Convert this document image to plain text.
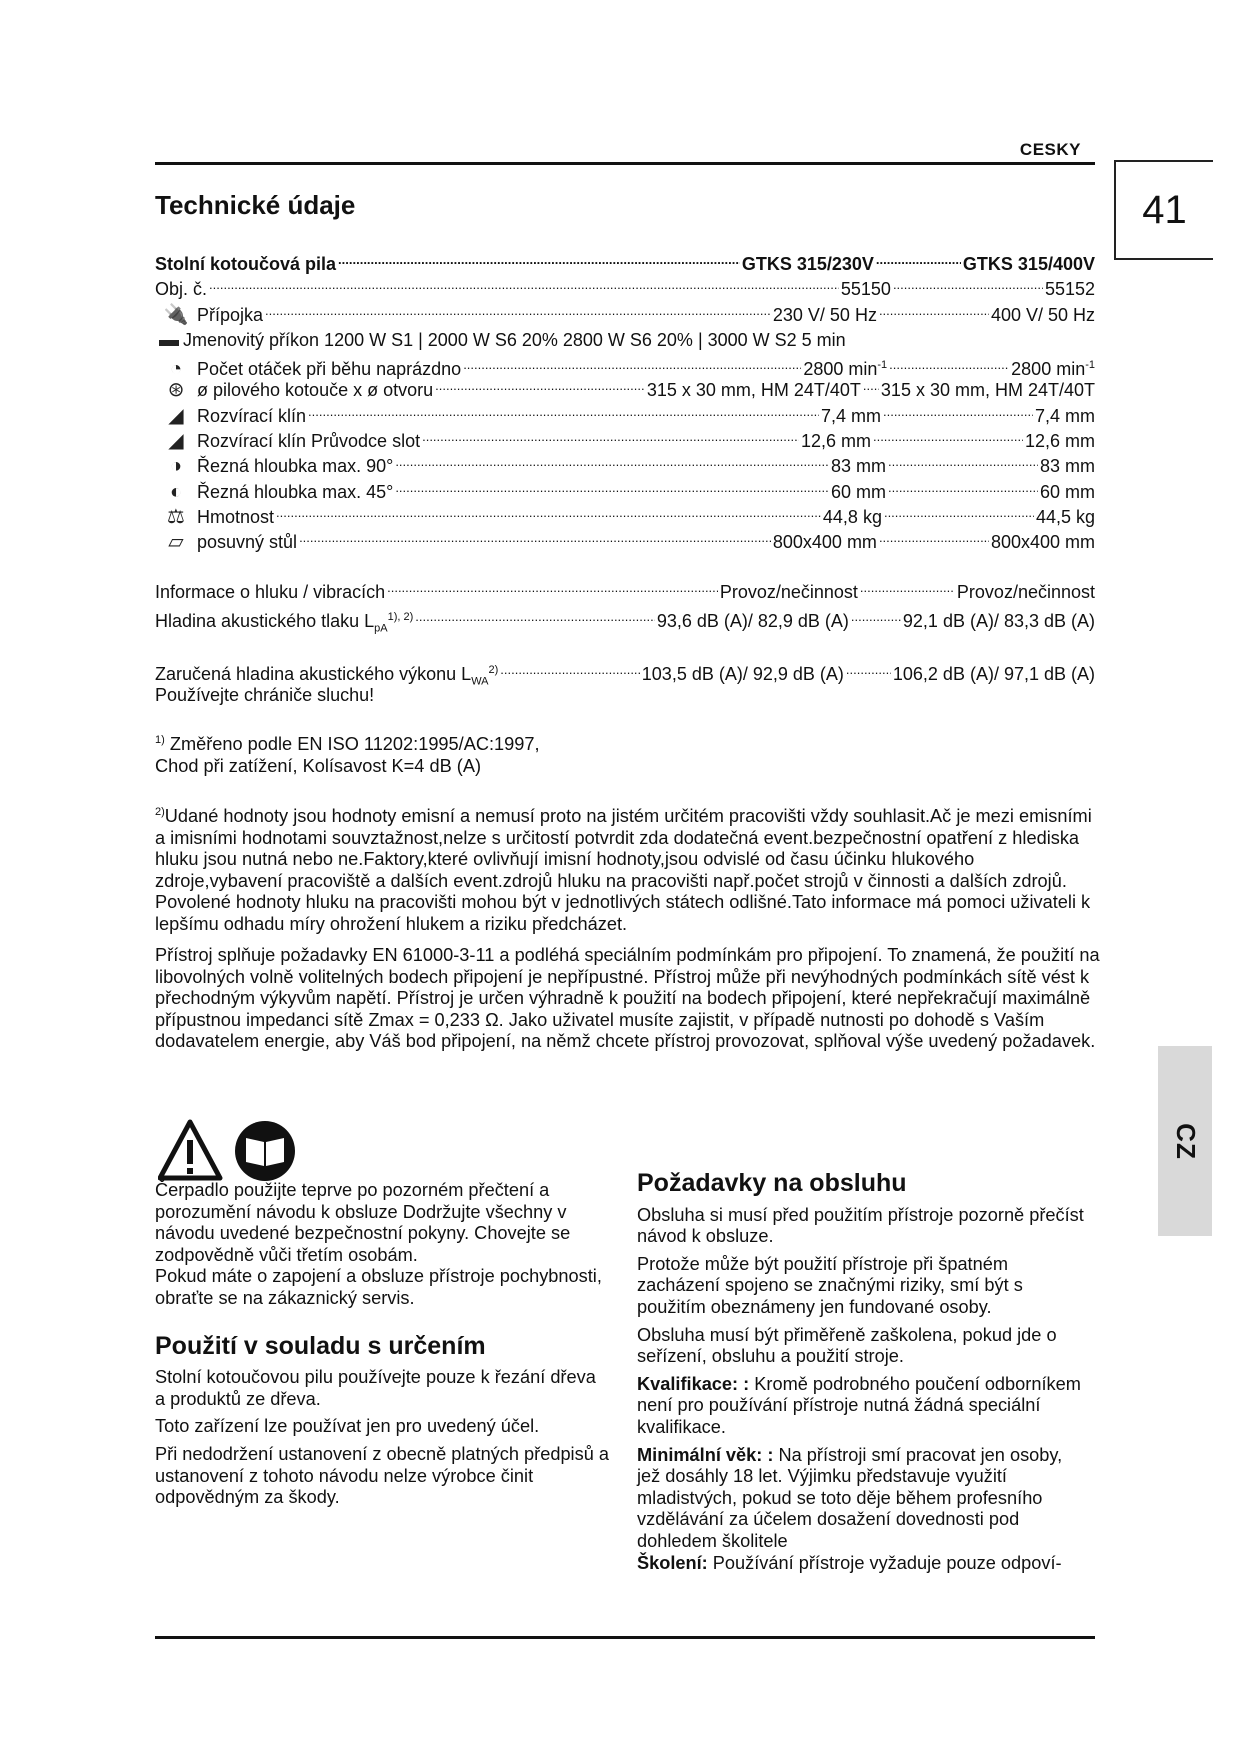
CESKY
41
CZ
Technické údaje
Stolní kotoučová pila .....	GTKS 315/230V .....	GTKS 315/400V
Obj. č. .....	55150 .....	55152
🔌 Přípojka .....	230 V/ 50 Hz .....	400 V/ 50 Hz
▬ Jmenovitý příkon 1200 W S1 | 2000 W S6 20% 2800 W S6 20% | 3000 W S2 5 min
◔ Počet otáček při běhu naprázdno .....	2800 $\min^{-1}$ .....	2800 $\min^{-1}$
⊛ ø pilového kotouče x ø otvoru .....	315 x 30 mm, HM 24T/40T ..... 315 x 30 mm, HM 24T/40T
◢ Rozvírací klín .....	7,4 mm .....	7,4 mm
◢ Rozvírací klín Průvodce slot .....	12,6 mm .....	12,6 mm
◑ Řezná hloubka max. 90° .....	83 mm .....	83 mm
◐ Řezná hloubka max. 45° .....	60 mm .....	60 mm
⚖ Hmotnost .....	44,8 kg .....	44,5 kg
▱ posuvný stůl .....	800x400 mm .....	800x400 mm
Informace o hluku / vibracích .....	Provoz/nečinnost .....	Provoz/nečinnost
Hladina akustického tlaku $L_{pA}^{1), 2)}$ .....	93,6 dB (A)/ 82,9 dB (A) .....	92,1 dB (A)/ 83,3 dB (A)
Zaručená hladina akustického výkonu $L_{WA}^{2)}$ .....	103,5 dB (A)/ 92,9 dB (A) .....	106,2 dB (A)/ 97,1 dB (A)
Používejte chrániče sluchu!

$^{1)}$ Změřeno podle EN ISO 11202:1995/AC:1997,
Chod při zatížení, Kolísavost K=4 dB (A)

$^{2)}$Udané hodnoty jsou hodnoty emisní a nemusí proto na jistém určitém pracovišti vždy souhlasit.Ač je mezi emisními a imisními hodnotami souvztažnost,nelze s určitostí potvrdit zda dodatečná event.bezpečnostní opatření z hlediska hluku jsou nutná nebo ne.Faktory,které ovlivňují imisní hodnoty,jsou odvislé od času účinku hlukového zdroje,vybavení pracoviště a dalších event.zdrojů hluku na pracovišti např.počet strojů v činnosti a dalších zdrojů. Povolené hodnoty hluku na pracovišti mohou být v jednotlivých státech odlišné.Tato informace má pomoci uživateli k lepšímu odhadu míry ohrožení hlukem a riziku předcházet.

Přístroj splňuje požadavky EN 61000-3-11 a podléhá speciálním podmínkám pro připojení. To znamená, že použití na libovolných volně volitelných bodech připojení je nepřípustné. Přístroj může při nevýhodných podmínkách sítě vést k přechodným výkyvům napětí. Přístroj je určen výhradně k použití na bodech připojení, které nepřekračují maximálně přípustnou impedanci sítě Zmax = 0,233 Ω. Jako uživatel musíte zajistit, v případě nutnosti po dohodě s Vaším dodavatelem energie, aby Váš bod připojení, na němž chcete přístroj provozovat, splňoval výše uvedený požadavek.

Čerpadlo použijte teprve po pozorném přečtení a porozumění návodu k obsluze Dodržujte všechny v návodu uvedené bezpečnostní pokyny. Chovejte se zodpovědně vůči třetím osobám.

Pokud máte o zapojení a obsluze přístroje pochybnosti, obraťte se na zákaznický servis.

Použití v souladu s určením

Stolní kotoučovou pilu používejte pouze k řezání dřeva a produktů ze dřeva.

Toto zařízení lze používat jen pro uvedený účel.

Při nedodržení ustanovení z obecně platných předpisů a ustanovení z tohoto návodu nelze výrobce činit odpovědným za škody.

Požadavky na obsluhu

Obsluha si musí před použitím přístroje pozorně přečíst návod k obsluze.

Protože může být použití přístroje při špatném zacházení spojeno se značnými riziky, smí být s použitím obeznámeny jen fundované osoby.

Obsluha musí být přiměřeně zaškolena, pokud jde o seřízení, obsluhu a použití stroje.

Kvalifikace: : Kromě podrobného poučení odborníkem není pro používání přístroje nutná žádná speciální kvalifikace.

Minimální věk: : Na přístroji smí pracovat jen osoby, jež dosáhly 18 let. Výjimku představuje využití mladistvých, pokud se toto děje během profesního vzdělávání za účelem dosažení dovednosti pod dohledem školitele
Školení: Používání přístroje vyžaduje pouze odpoví-
